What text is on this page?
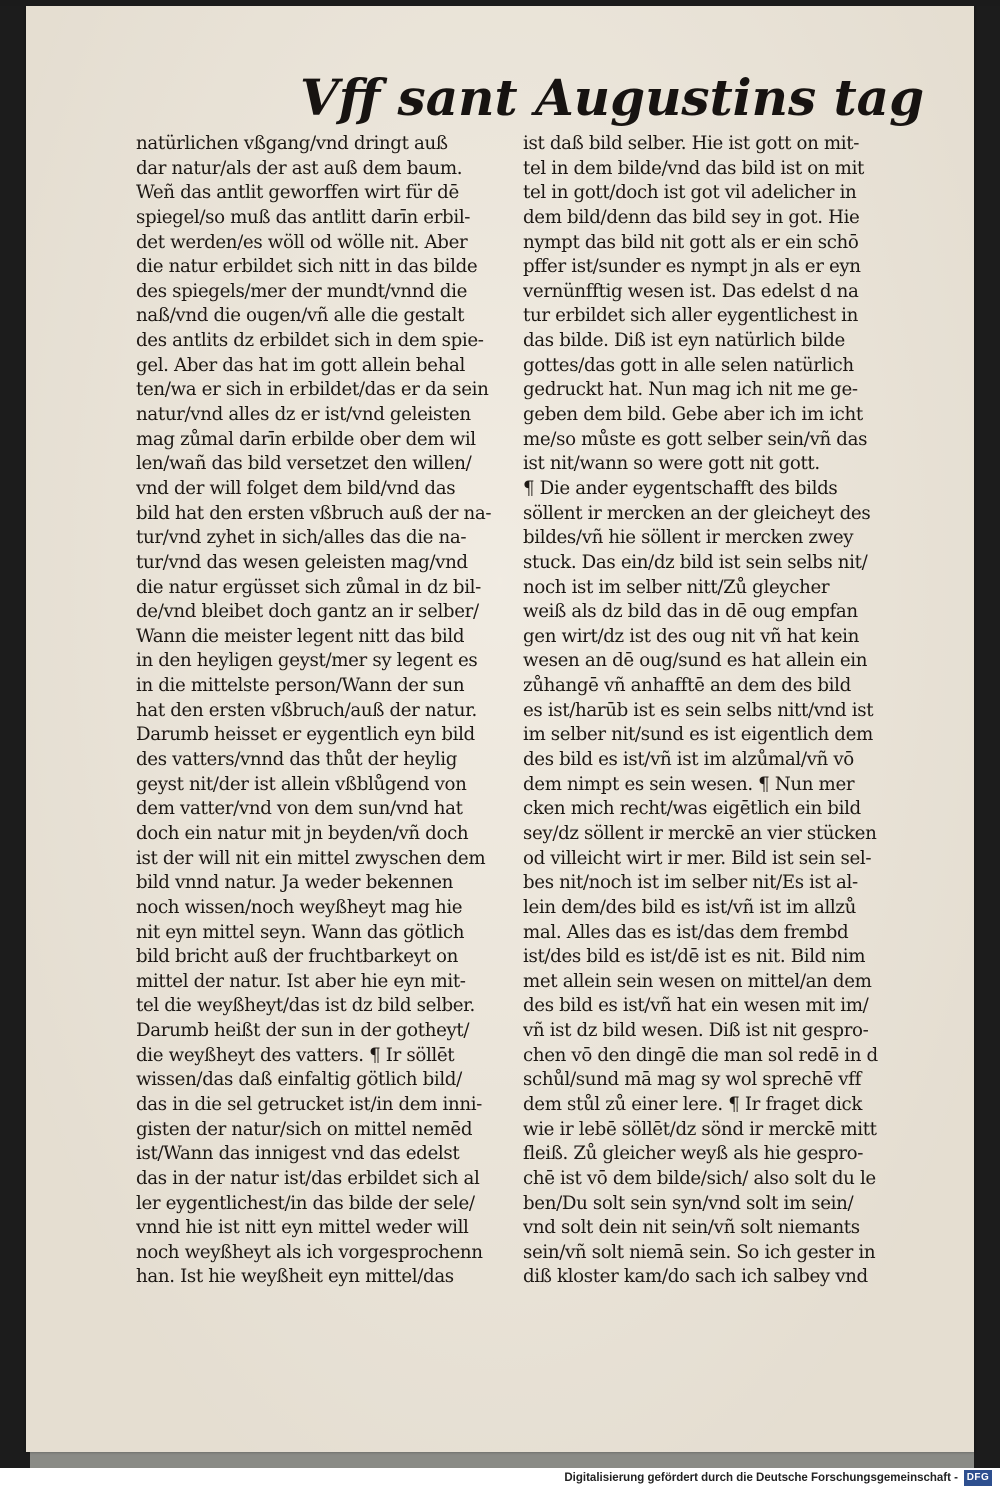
Vff sant Augustins tag
natürlichen vßgang/vnd dringt auß
dar natur/als der ast auß dem baum.
Weñ das antlit geworffen wirt für dē
spiegel/so muß das antlitt darīn erbil-
det werden/es wöll od wölle nit. Aber
die natur erbildet sich nitt in das bilde
des spiegels/mer der mundt/vnnd die
naß/vnd die ougen/vñ alle die gestalt
des antlits dz erbildet sich in dem spie-
gel. Aber das hat im gott allein behal
ten/wa er sich in erbildet/das er da sein
natur/vnd alles dz er ist/vnd geleisten
mag zůmal darīn erbilde ober dem wil
len/wañ das bild versetzet den willen/
vnd der will folget dem bild/vnd das
bild hat den ersten vßbruch auß der na-
tur/vnd zyhet in sich/alles das die na-
tur/vnd das wesen geleisten mag/vnd
die natur ergüsset sich zůmal in dz bil-
de/vnd bleibet doch gantz an ir selber/
Wann die meister legent nitt das bild
in den heyligen geyst/mer sy legent es
in die mittelste person/Wann der sun
hat den ersten vßbruch/auß der natur.
Darumb heisset er eygentlich eyn bild
des vatters/vnnd das thůt der heylig
geyst nit/der ist allein vßblůgend von
dem vatter/vnd von dem sun/vnd hat
doch ein natur mit jn beyden/vñ doch
ist der will nit ein mittel zwyschen dem
bild vnnd natur. Ja weder bekennen
noch wissen/noch weyßheyt mag hie
nit eyn mittel seyn. Wann das götlich
bild bricht auß der fruchtbarkeyt on
mittel der natur. Ist aber hie eyn mit-
tel die weyßheyt/das ist dz bild selber.
Darumb heißt der sun in der gotheyt/
die weyßheyt des vatters. ¶ Ir söllēt
wissen/das daß einfaltig götlich bild/
das in die sel getrucket ist/in dem inni-
gisten der natur/sich on mittel nemēd
ist/Wann das innigest vnd das edelst
das in der natur ist/das erbildet sich al
ler eygentlichest/in das bilde der sele/
vnnd hie ist nitt eyn mittel weder will
noch weyßheyt als ich vorgesprochenn
han. Ist hie weyßheit eyn mittel/das
ist daß bild selber. Hie ist gott on mit-
tel in dem bilde/vnd das bild ist on mit
tel in gott/doch ist got vil adelicher in
dem bild/denn das bild sey in got. Hie
nympt das bild nit gott als er ein schō
pffer ist/sunder es nympt jn als er eyn
vernünfftig wesen ist. Das edelst d na
tur erbildet sich aller eygentlichest in
das bilde. Diß ist eyn natürlich bilde
gottes/das gott in alle selen natürlich
gedruckt hat. Nun mag ich nit me ge-
geben dem bild. Gebe aber ich im icht
me/so můste es gott selber sein/vñ das
ist nit/wann so were gott nit gott.
¶ Die ander eygentschafft des bilds
söllent ir mercken an der gleicheyt des
bildes/vñ hie söllent ir mercken zwey
stuck. Das ein/dz bild ist sein selbs nit/
noch ist im selber nitt/Zů gleycher
weiß als dz bild das in dē oug empfan
gen wirt/dz ist des oug nit vñ hat kein
wesen an dē oug/sund es hat allein ein
zůhangē vñ anhafftē an dem des bild
es ist/harūb ist es sein selbs nitt/vnd ist
im selber nit/sund es ist eigentlich dem
des bild es ist/vñ ist im alzůmal/vñ vō
dem nimpt es sein wesen. ¶ Nun mer
cken mich recht/was eigētlich ein bild
sey/dz söllent ir merckē an vier stücken
od villeicht wirt ir mer. Bild ist sein sel-
bes nit/noch ist im selber nit/Es ist al-
lein dem/des bild es ist/vñ ist im allzů
mal. Alles das es ist/das dem frembd
ist/des bild es ist/dē ist es nit. Bild nim
met allein sein wesen on mittel/an dem
des bild es ist/vñ hat ein wesen mit im/
vñ ist dz bild wesen. Diß ist nit gespro-
chen vō den dingē die man sol redē in d
schůl/sund mā mag sy wol sprechē vff
dem stůl zů einer lere. ¶ Ir fraget dick
wie ir lebē söllēt/dz sönd ir merckē mitt
fleiß. Zů gleicher weyß als hie gespro-
chē ist vō dem bilde/sich/ also solt du le
ben/Du solt sein syn/vnd solt im sein/
vnd solt dein nit sein/vñ solt niemants
sein/vñ solt niemā sein. So ich gester in
diß kloster kam/do sach ich salbey vnd
Digitalisierung gefördert durch die Deutsche Forschungsgemeinschaft - DFG
